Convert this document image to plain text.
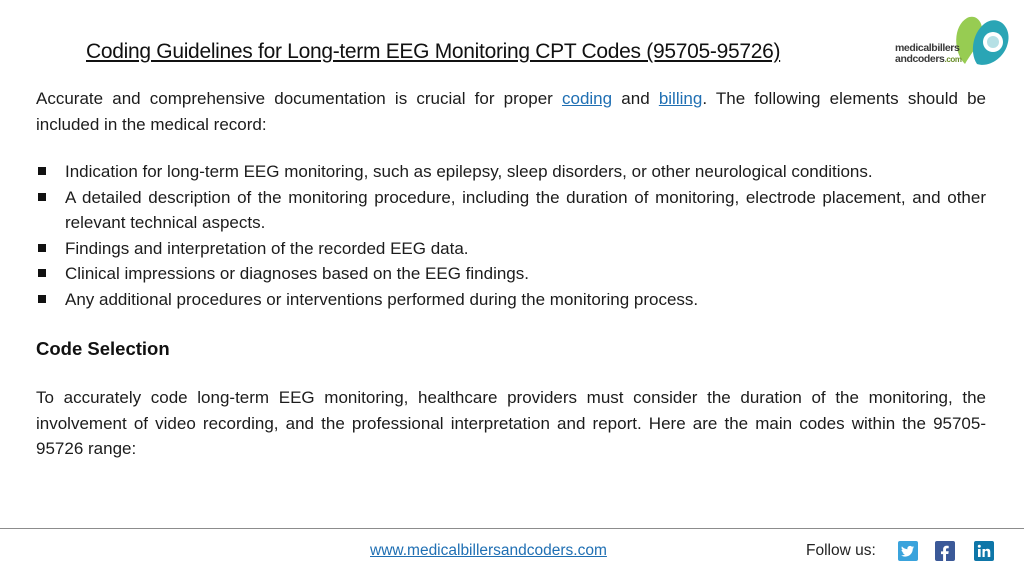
Coding Guidelines for Long-term EEG Monitoring CPT Codes (95705-95726)	medicalbillers
andcoders.com

Accurate and comprehensive documentation is crucial for proper coding and billing. The following elements should be included in the medical record:

Indication for long-term EEG monitoring, such as epilepsy, sleep disorders, or other neurological conditions.
A detailed description of the monitoring procedure, including the duration of monitoring, electrode placement, and other relevant technical aspects.
Findings and interpretation of the recorded EEG data.
Clinical impressions or diagnoses based on the EEG findings.
Any additional procedures or interventions performed during the monitoring process.
Code Selection

To accurately code long-term EEG monitoring, healthcare providers must consider the duration of the monitoring, the involvement of video recording, and the professional interpretation and report. Here are the main codes within the 95705-95726 range:

www.medicalbillersandcoders.com	Follow us:
